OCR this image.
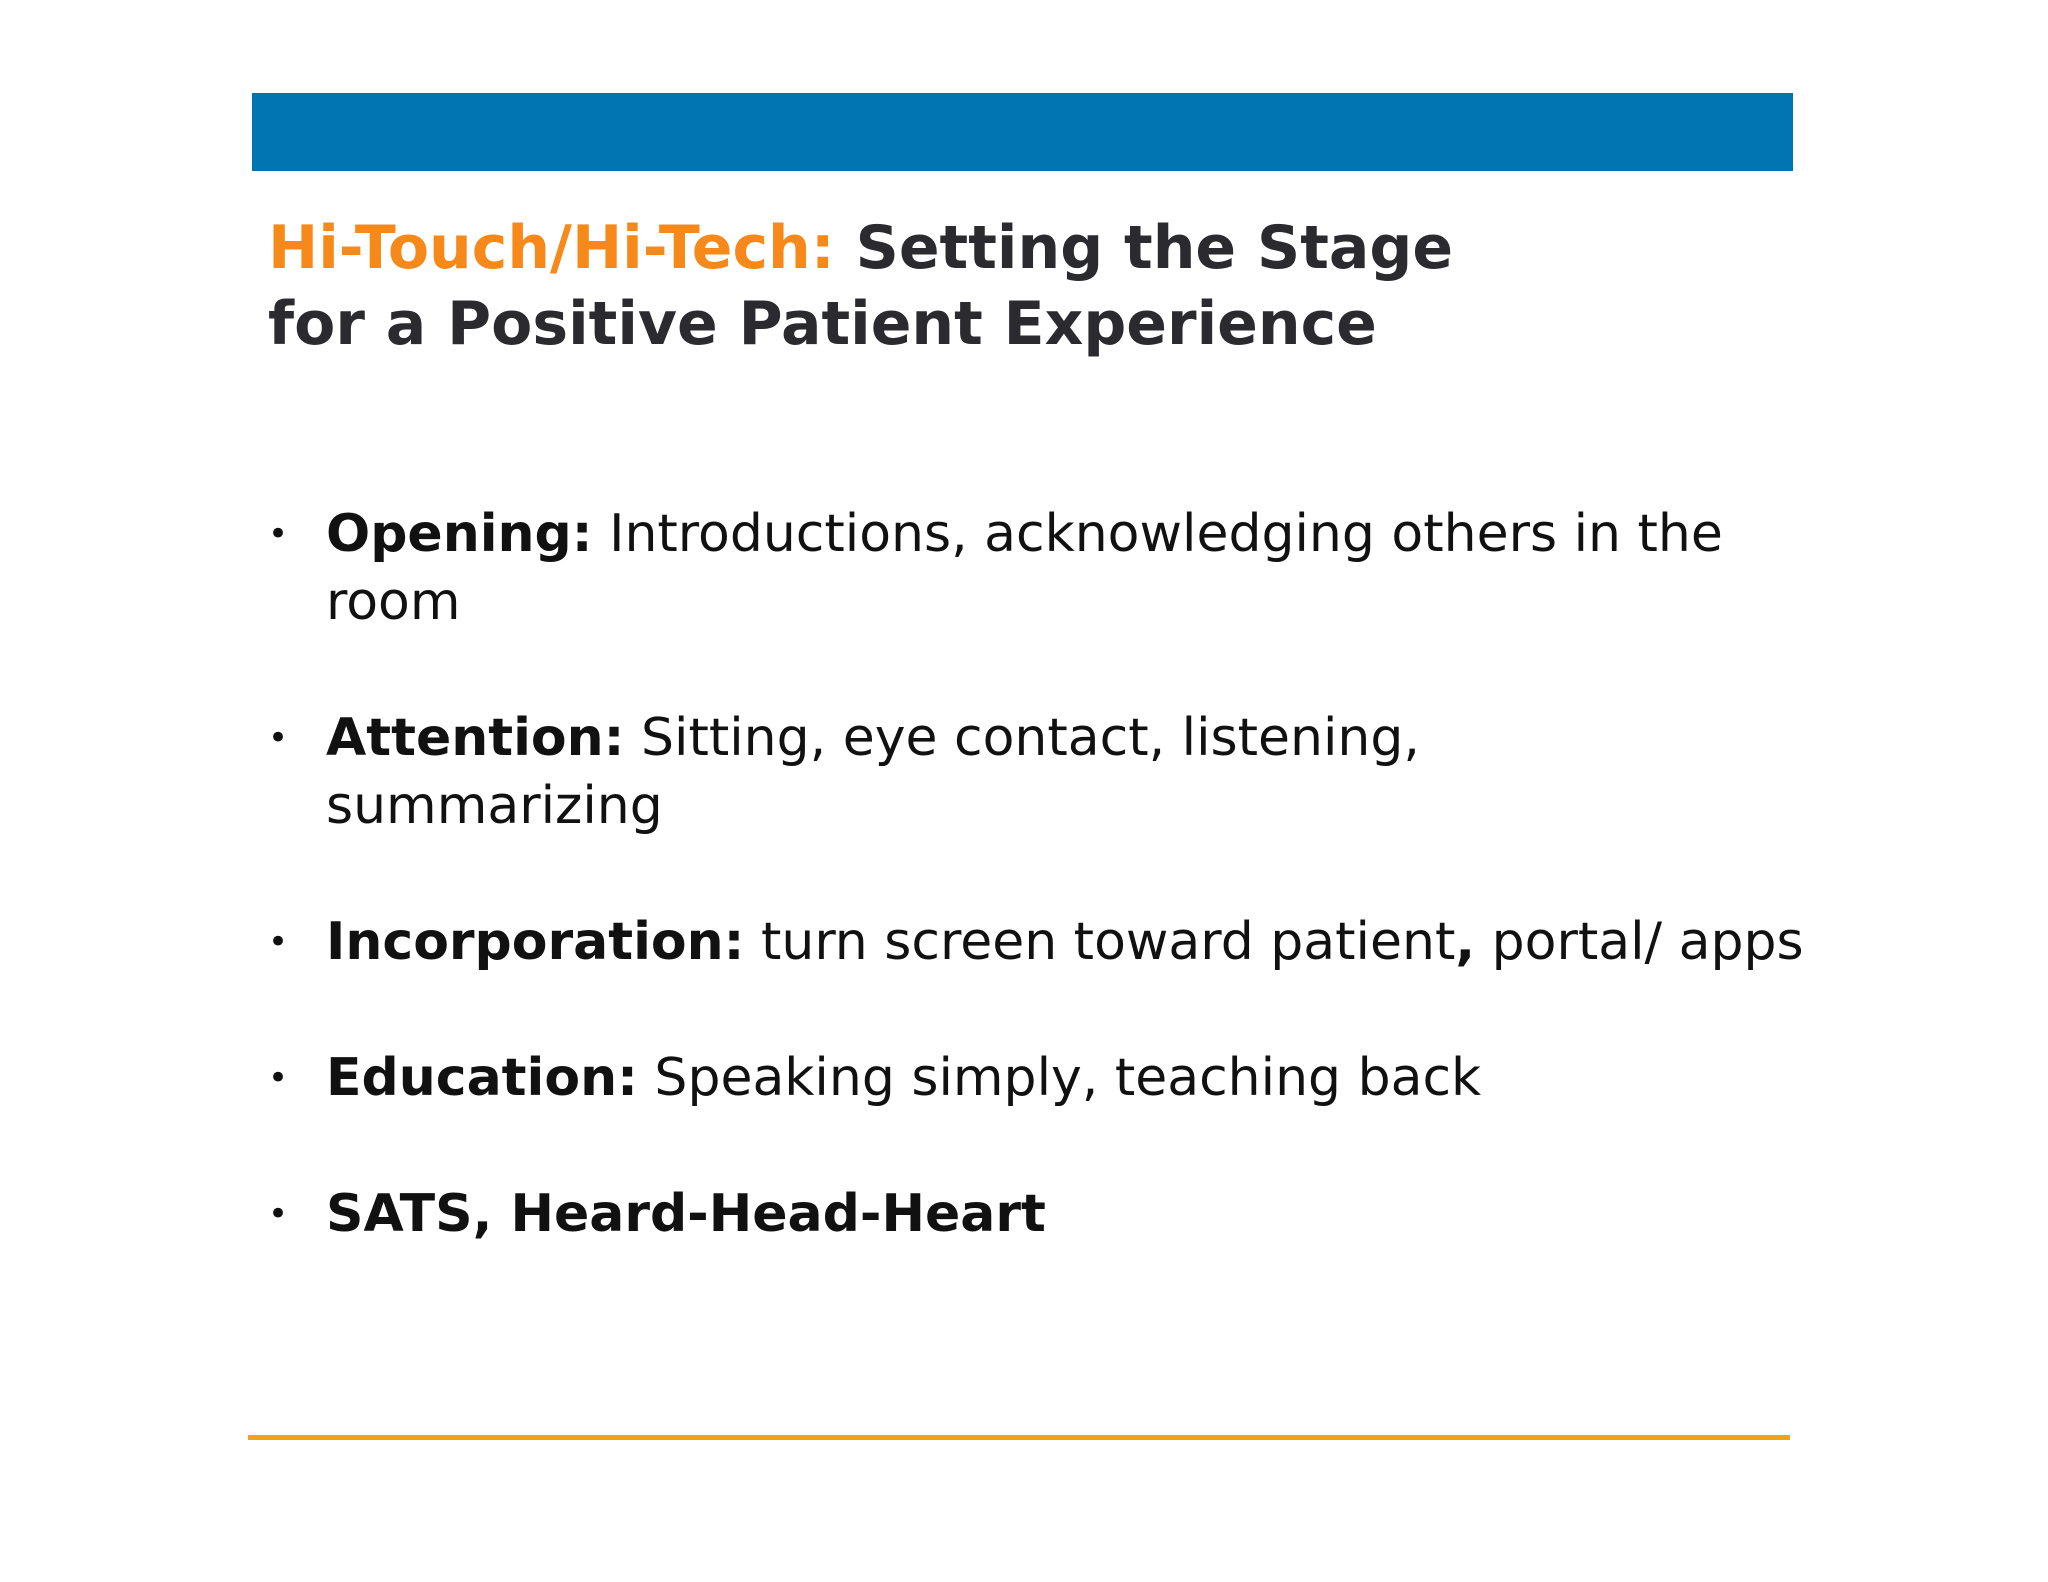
Hi-Touch/Hi-Tech: Setting the Stage
for a Positive Patient Experience
• Opening: Introductions, acknowledging others in the room
• Attention: Sitting, eye contact, listening, summarizing
• Incorporation: turn screen toward patient, portal/ apps
• Education: Speaking simply, teaching back
• SATS, Heard-Head-Heart
